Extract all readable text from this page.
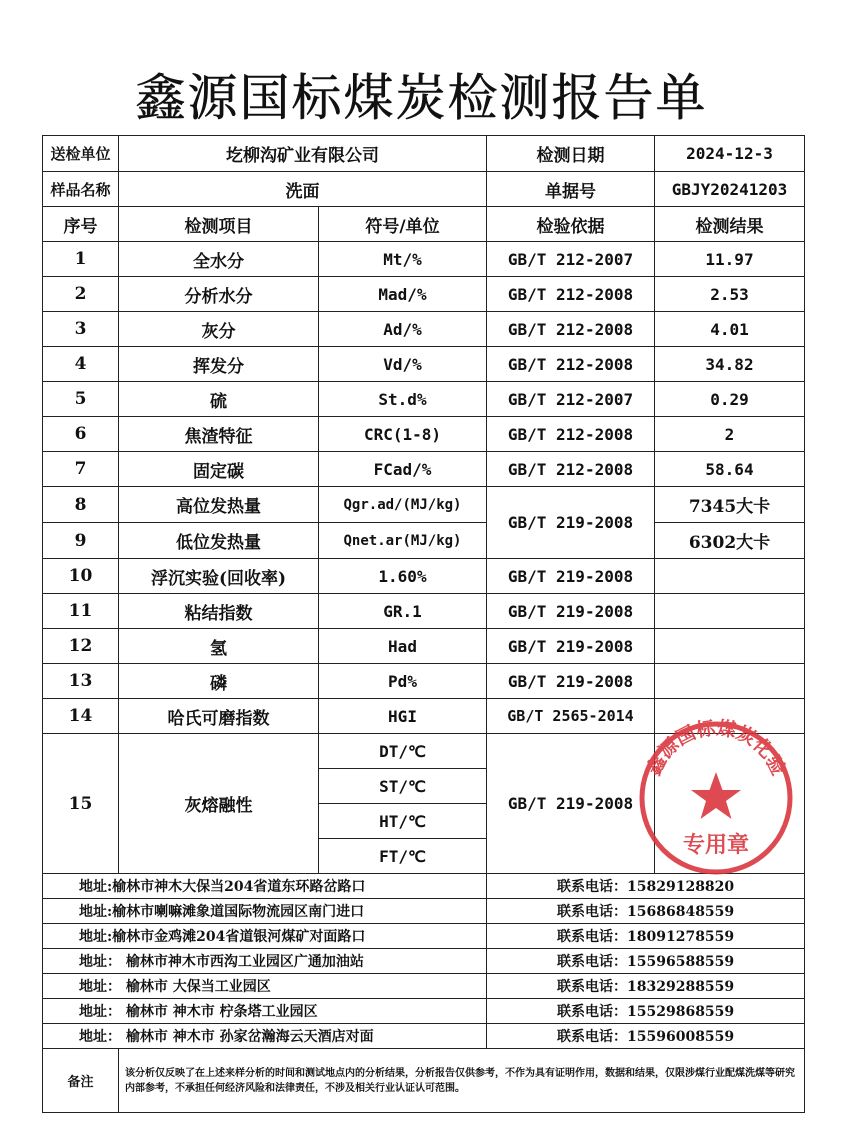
鑫源国标煤炭检测报告单
送检单位	圪柳沟矿业有限公司		检测日期	2024-12-3
样品名称	洗面		单据号	GBJY20241203
序号	检测项目	符号/单位	检验依据	检测结果
1	全水分	Mt/%	GB/T 212-2007	11.97
2	分析水分	Mad/%	GB/T 212-2008	2.53
3	灰分	Ad/%	GB/T 212-2008	4.01
4	挥发分	Vd/%	GB/T 212-2008	34.82
5	硫	St.d%	GB/T 212-2007	0.29
6	焦渣特征	CRC(1-8)	GB/T 212-2008	2
7	固定碳	FCad/%	GB/T 212-2008	58.64
8	高位发热量	Qgr.ad/(MJ/kg)	GB/T 219-2008	7345大卡
9	低位发热量	Qnet.ar(MJ/kg)		6302大卡
10	浮沉实验(回收率)	1.60%	GB/T 219-2008	
11	粘结指数	GR.1	GB/T 219-2008	
12	氢	Had	GB/T 219-2008	
13	磷	Pd%	GB/T 219-2008	
14	哈氏可磨指数	HGI	GB/T 2565-2014	
15	灰熔融性	DT/℃	GB/T 219-2008	
		ST/℃		
		HT/℃		
		FT/℃		
地址:榆林市神木大保当204省道东环路岔路口			联系电话：15829128820	
地址:榆林市喇嘛滩象道国际物流园区南门进口			联系电话：15686848559	
地址:榆林市金鸡滩204省道银河煤矿对面路口			联系电话：18091278559	
地址： 榆林市神木市西沟工业园区广通加油站			联系电话：15596588559	
地址： 榆林市 大保当工业园区			联系电话：18329288559	
地址： 榆林市 神木市 柠条塔工业园区			联系电话：15529868559	
地址： 榆林市 神木市 孙家岔瀚海云天酒店对面			联系电话：15596008559	
备注	该分析仅反映了在上述来样分析的时间和测试地点内的分析结果，分析报告仅供参考，不作为具有证明作用，数据和结果，仅限涉煤行业配煤洗煤等研究内部参考，不承担任何经济风险和法律责任，不涉及相关行业认证认可范围。			
鑫源国标煤炭化验
专用章
